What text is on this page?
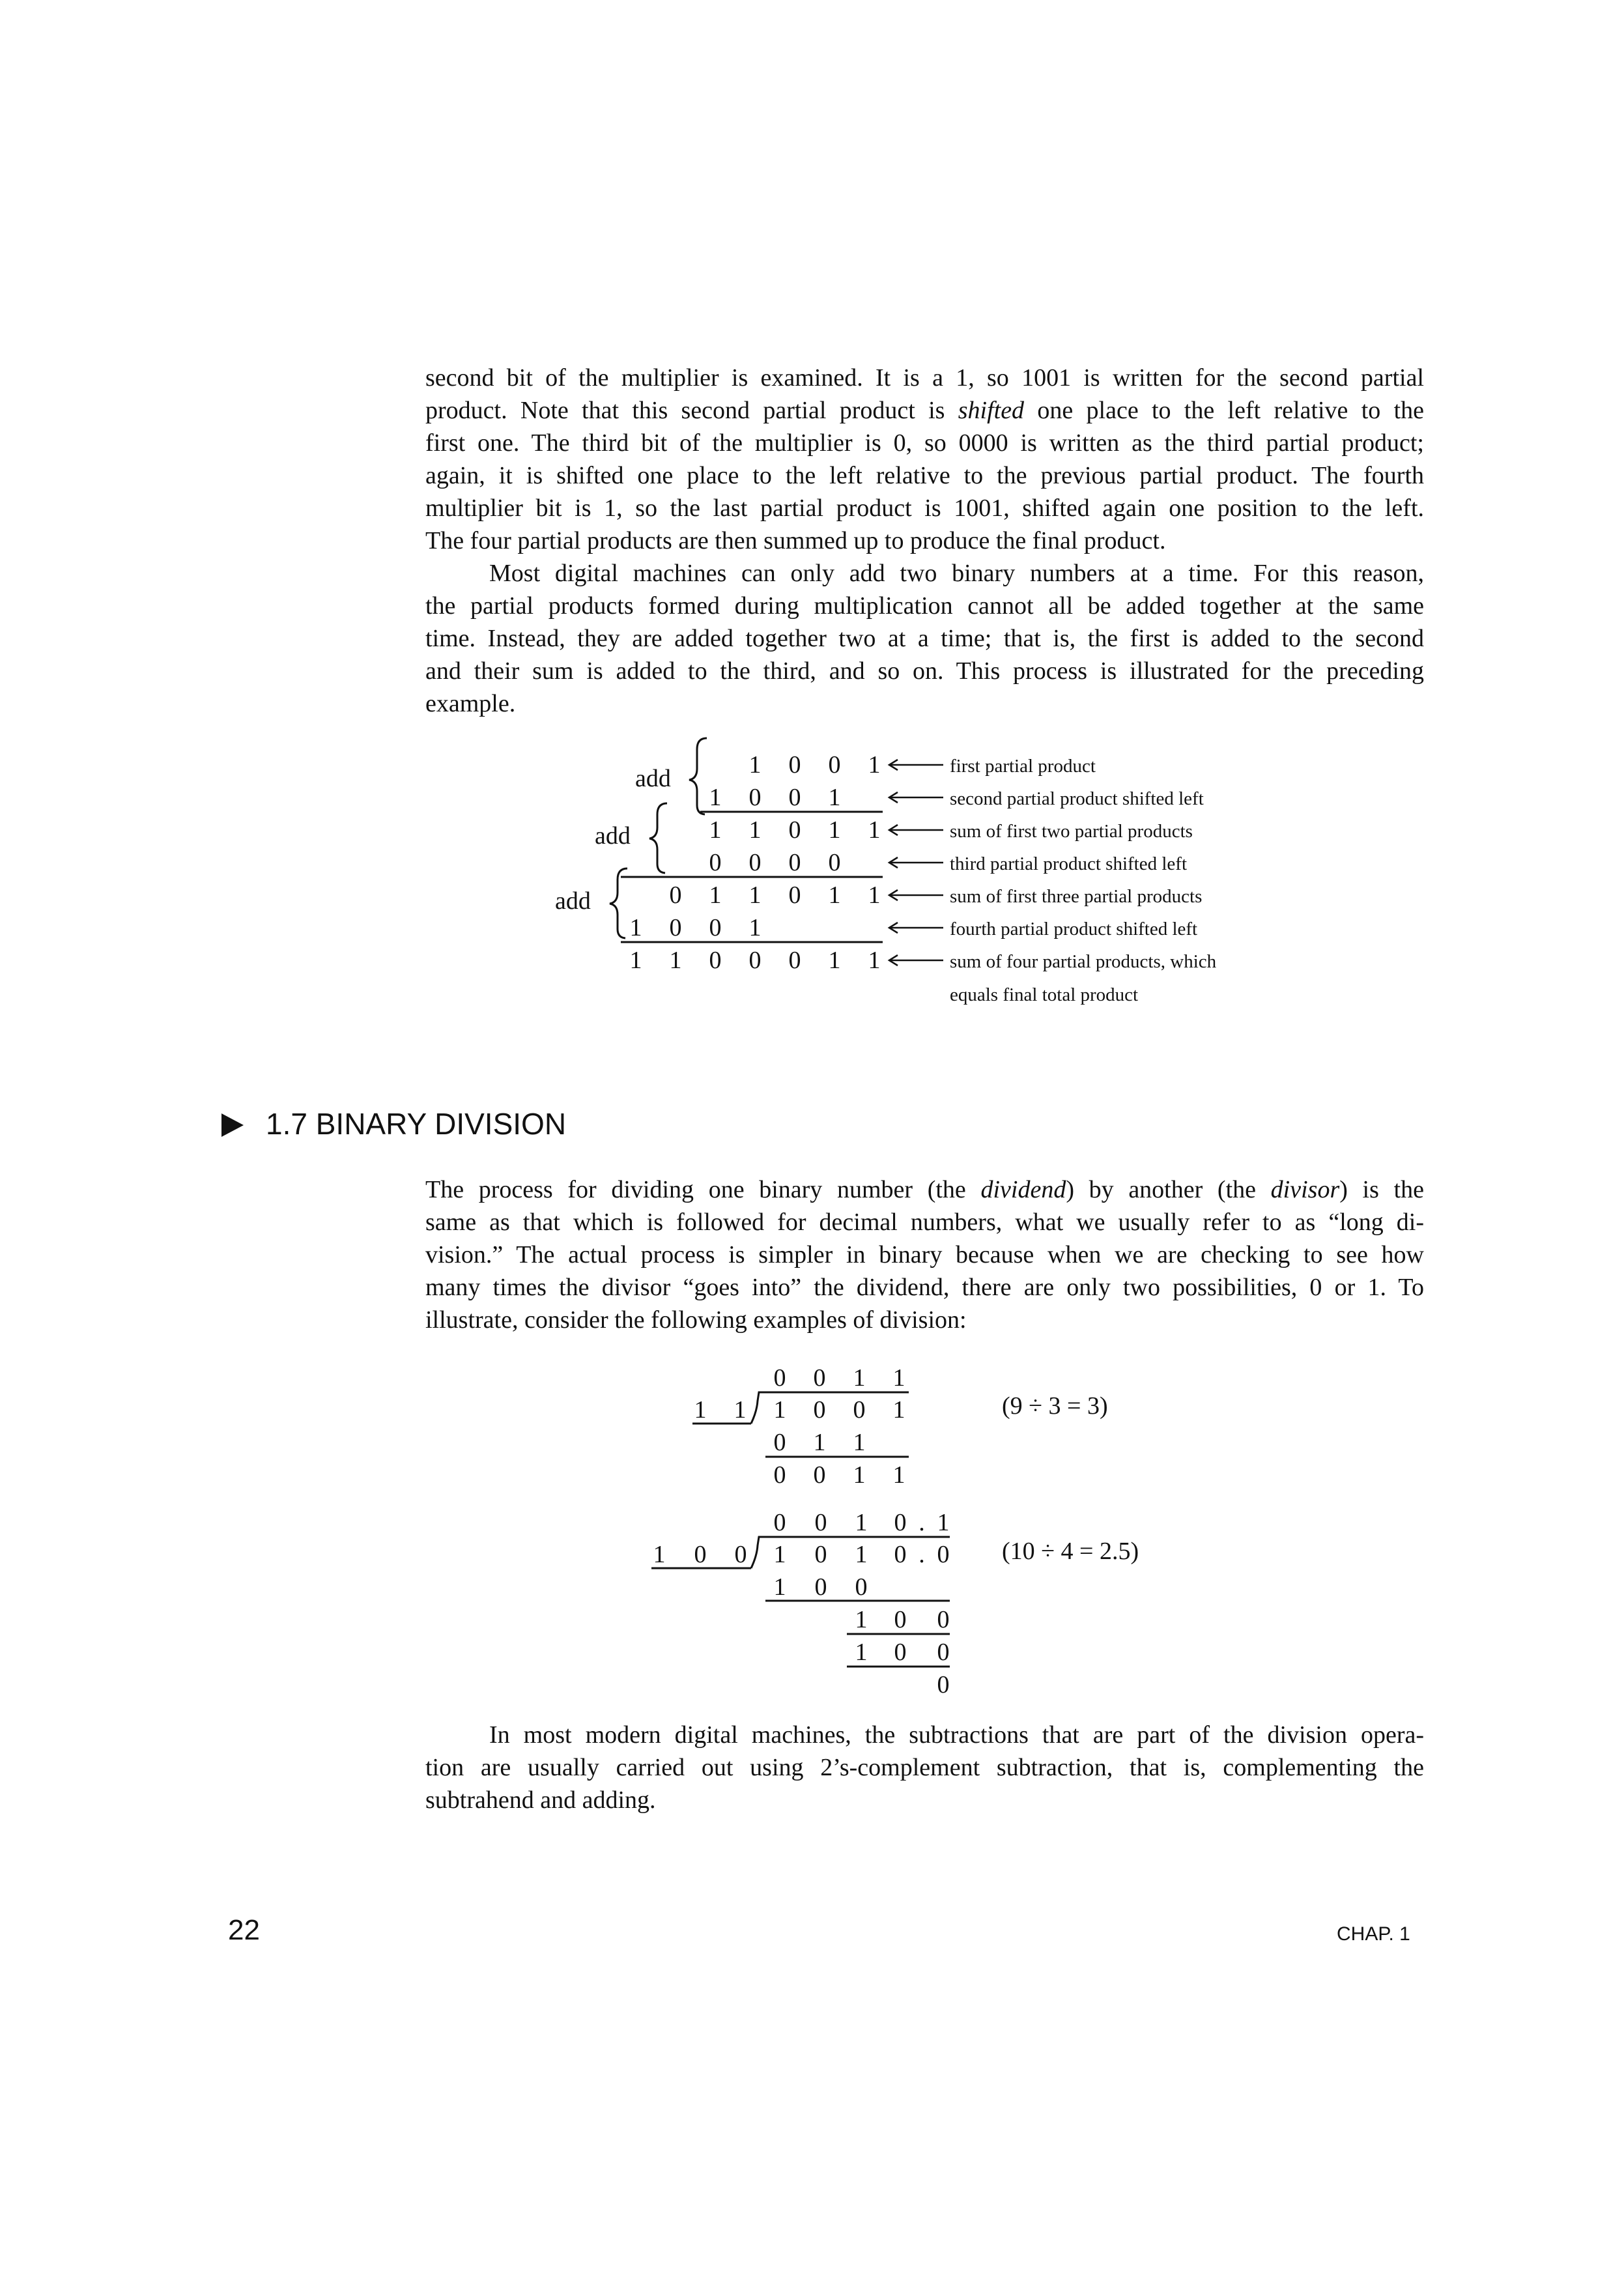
second bit of the multiplier is examined. It is a 1, so 1001 is written for the second partial
product. Note that this second partial product is shifted one place to the left relative to the
first one. The third bit of the multiplier is 0, so 0000 is written as the third partial product;
again, it is shifted one place to the left relative to the previous partial product. The fourth
multiplier bit is 1, so the last partial product is 1001, shifted again one position to the left.
The four partial products are then summed up to produce the final product.
Most digital machines can only add two binary numbers at a time. For this reason,
the partial products formed during multiplication cannot all be added together at the same
time. Instead, they are added together two at a time; that is, the first is added to the second
and their sum is added to the third, and so on. This process is illustrated for the preceding
example.
add
add
add
1 0 0 1
1 0 0 1
1 1 0 1 1
0 0 0 0
0 1 1 0 1 1
1 0 0 1
1 1 0 0 0 1 1
first partial product
second partial product shifted left
sum of first two partial products
third partial product shifted left
sum of first three partial products
fourth partial product shifted left
sum of four partial products, which
equals final total product
0 0 1 1
1 1 1 0 0 1
0 1 1
0 0 1 1
(9 ÷ 3 = 3)
0 0 1 0 . 1
1 0 0 1 0 1 0 . 0
1 0 0
1 0 0
1 0 0
0
(10 ÷ 4 = 2.5)
1.7 BINARY DIVISION
The process for dividing one binary number (the dividend) by another (the divisor) is the
same as that which is followed for decimal numbers, what we usually refer to as “long di-
vision.” The actual process is simpler in binary because when we are checking to see how
many times the divisor “goes into” the dividend, there are only two possibilities, 0 or 1. To
illustrate, consider the following examples of division:
In most modern digital machines, the subtractions that are part of the division opera-
tion are usually carried out using 2’s-complement subtraction, that is, complementing the
subtrahend and adding.
22	CHAP. 1
